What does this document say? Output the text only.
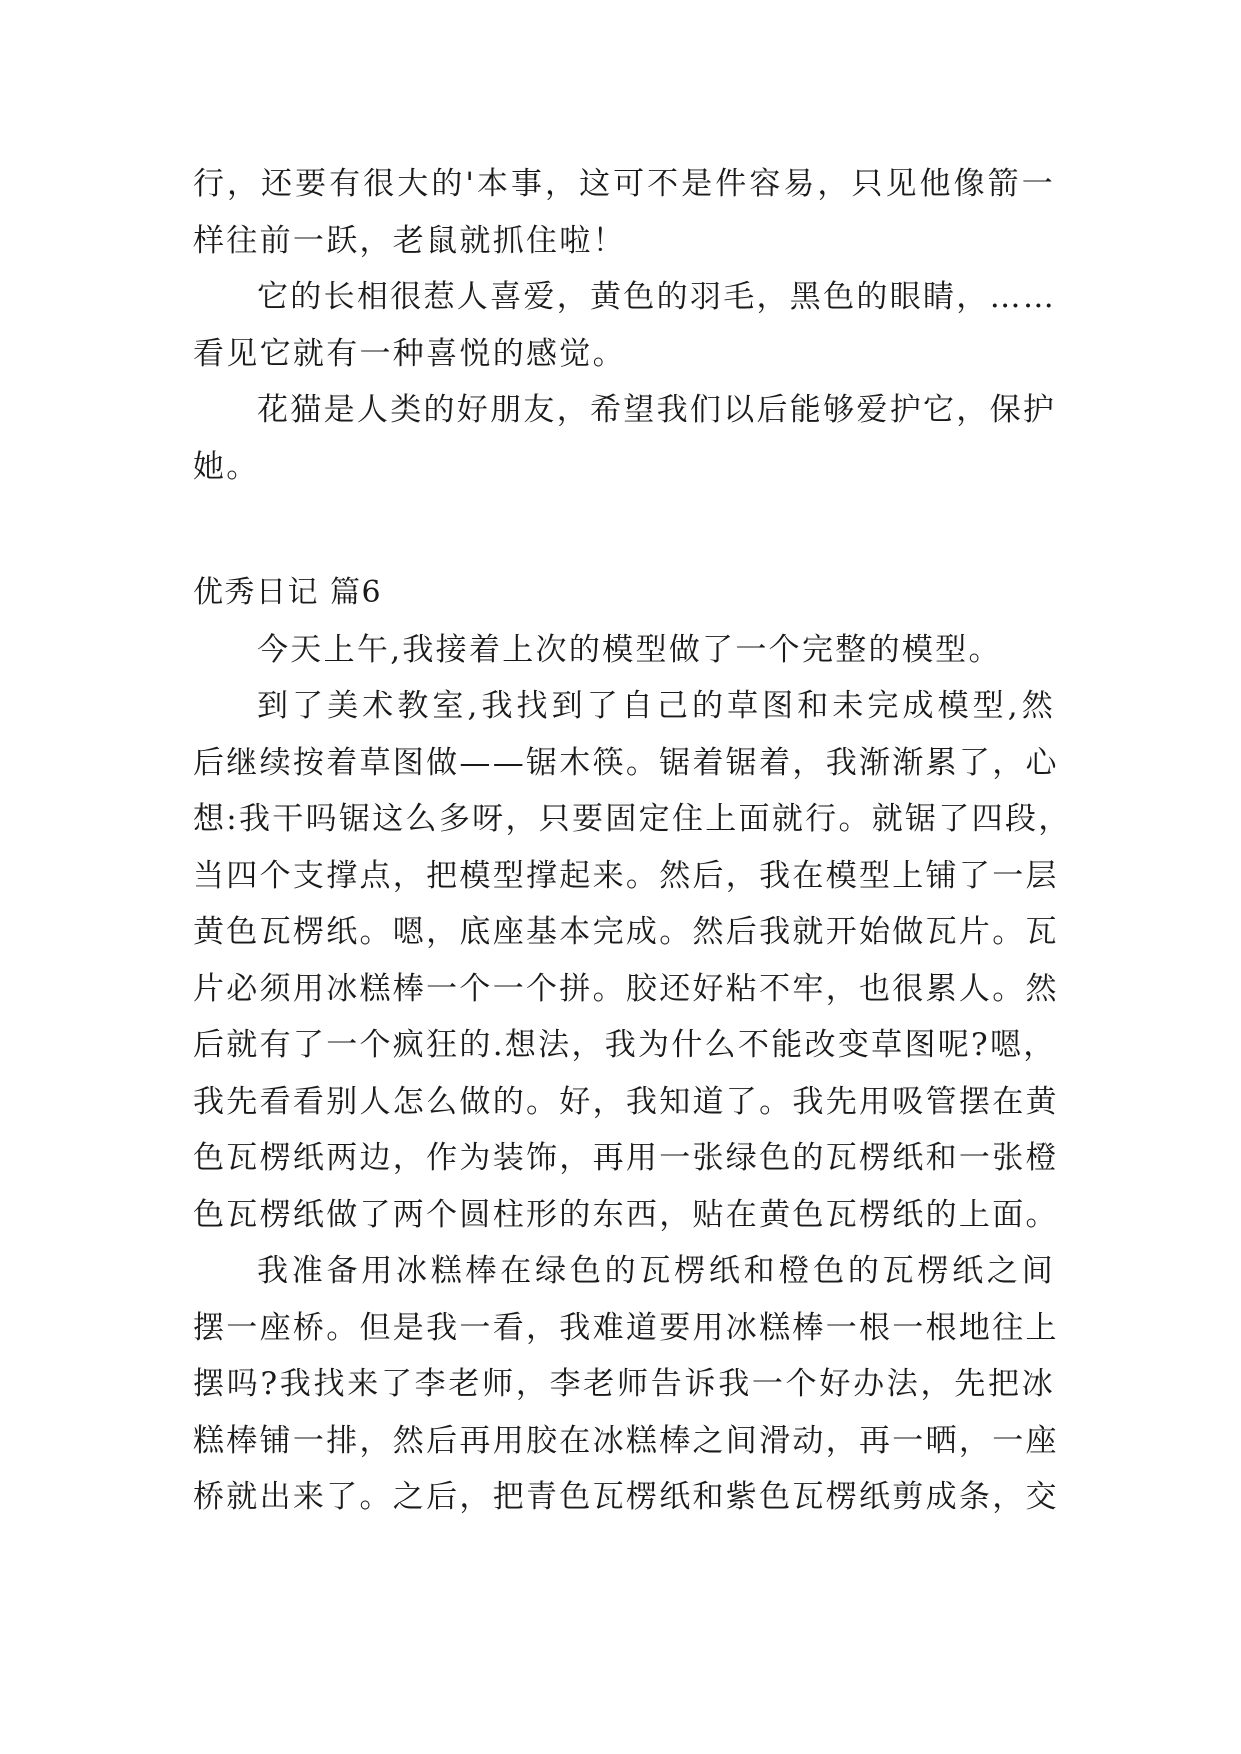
行，还要有很大的'本事，这可不是件容易，只见他像箭一
样往前一跃，老鼠就抓住啦！
它的长相很惹人喜爱，黄色的羽毛，黑色的眼睛，……
看见它就有一种喜悦的感觉。
花猫是人类的好朋友，希望我们以后能够爱护它，保护
她。
优秀日记 篇6
今天上午,我接着上次的模型做了一个完整的模型。
到了美术教室,我找到了自己的草图和未完成模型,然
后继续按着草图做——锯木筷。锯着锯着，我渐渐累了，心
想:我干吗锯这么多呀，只要固定住上面就行。就锯了四段，
当四个支撑点，把模型撑起来。然后，我在模型上铺了一层
黄色瓦楞纸。嗯，底座基本完成。然后我就开始做瓦片。瓦
片必须用冰糕棒一个一个拼。胶还好粘不牢，也很累人。然
后就有了一个疯狂的.想法，我为什么不能改变草图呢?嗯，
我先看看别人怎么做的。好，我知道了。我先用吸管摆在黄
色瓦楞纸两边，作为装饰，再用一张绿色的瓦楞纸和一张橙
色瓦楞纸做了两个圆柱形的东西，贴在黄色瓦楞纸的上面。
我准备用冰糕棒在绿色的瓦楞纸和橙色的瓦楞纸之间
摆一座桥。但是我一看，我难道要用冰糕棒一根一根地往上
摆吗?我找来了李老师，李老师告诉我一个好办法，先把冰
糕棒铺一排，然后再用胶在冰糕棒之间滑动，再一晒，一座
桥就出来了。之后，把青色瓦楞纸和紫色瓦楞纸剪成条，交
